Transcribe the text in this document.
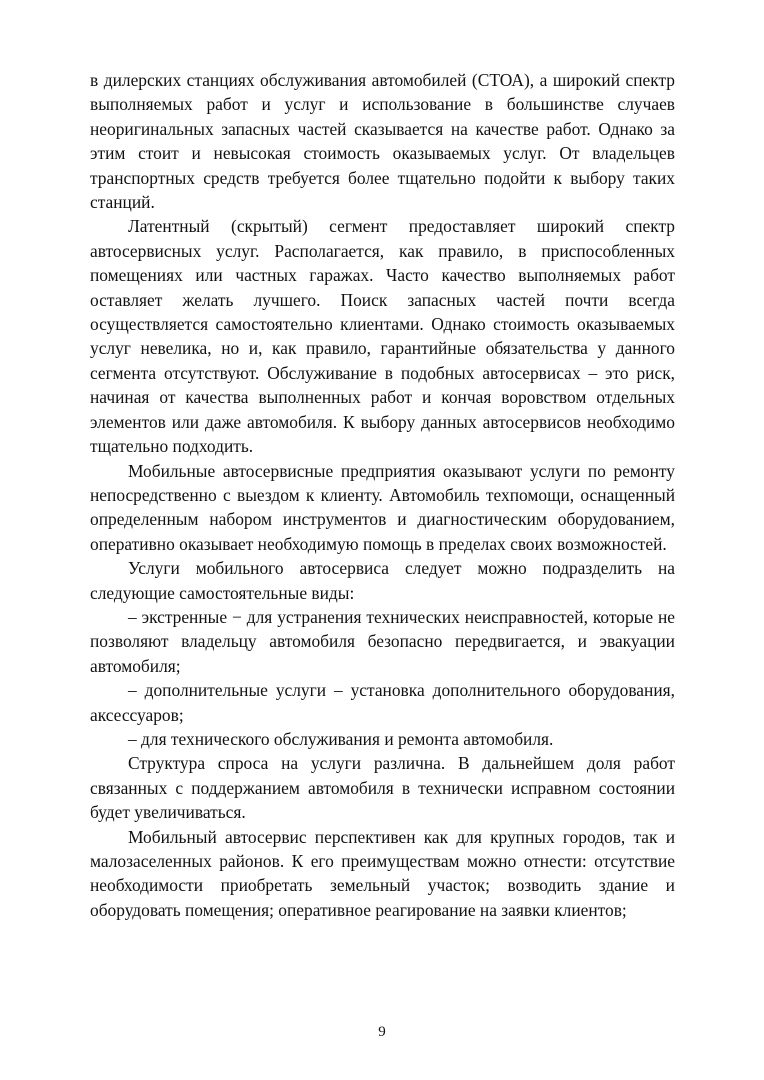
в дилерских станциях обслуживания автомобилей (СТОА), а широкий спектр выполняемых работ и услуг и использование в большинстве случаев неоригинальных запасных частей сказывается на качестве работ. Однако за этим стоит и невысокая стоимость оказываемых услуг. От владельцев транспортных средств требуется более тщательно подойти к выбору таких станций.

Латентный (скрытый) сегмент предоставляет широкий спектр автосервисных услуг. Располагается, как правило, в приспособленных помещениях или частных гаражах. Часто качество выполняемых работ оставляет желать лучшего. Поиск запасных частей почти всегда осуществляется самостоятельно клиентами. Однако стоимость оказываемых услуг невелика, но и, как правило, гарантийные обязательства у данного сегмента отсутствуют. Обслуживание в подобных автосервисах – это риск, начиная от качества выполненных работ и кончая воровством отдельных элементов или даже автомобиля. К выбору данных автосервисов необходимо тщательно подходить.

Мобильные автосервисные предприятия оказывают услуги по ремонту непосредственно с выездом к клиенту. Автомобиль техпомощи, оснащенный определенным набором инструментов и диагностическим оборудованием, оперативно оказывает необходимую помощь в пределах своих возможностей.

Услуги мобильного автосервиса следует можно подразделить на следующие самостоятельные виды:

– экстренные − для устранения технических неисправностей, которые не позволяют владельцу автомобиля безопасно передвигается, и эвакуации автомобиля;

– дополнительные услуги – установка дополнительного оборудования, аксессуаров;

– для технического обслуживания и ремонта автомобиля.

Структура спроса на услуги различна. В дальнейшем доля работ связанных с поддержанием автомобиля в технически исправном состоянии будет увеличиваться.

Мобильный автосервис перспективен как для крупных городов, так и малозаселенных районов. К его преимуществам можно отнести: отсутствие необходимости приобретать земельный участок; возводить здание и оборудовать помещения; оперативное реагирование на заявки клиентов;

9
